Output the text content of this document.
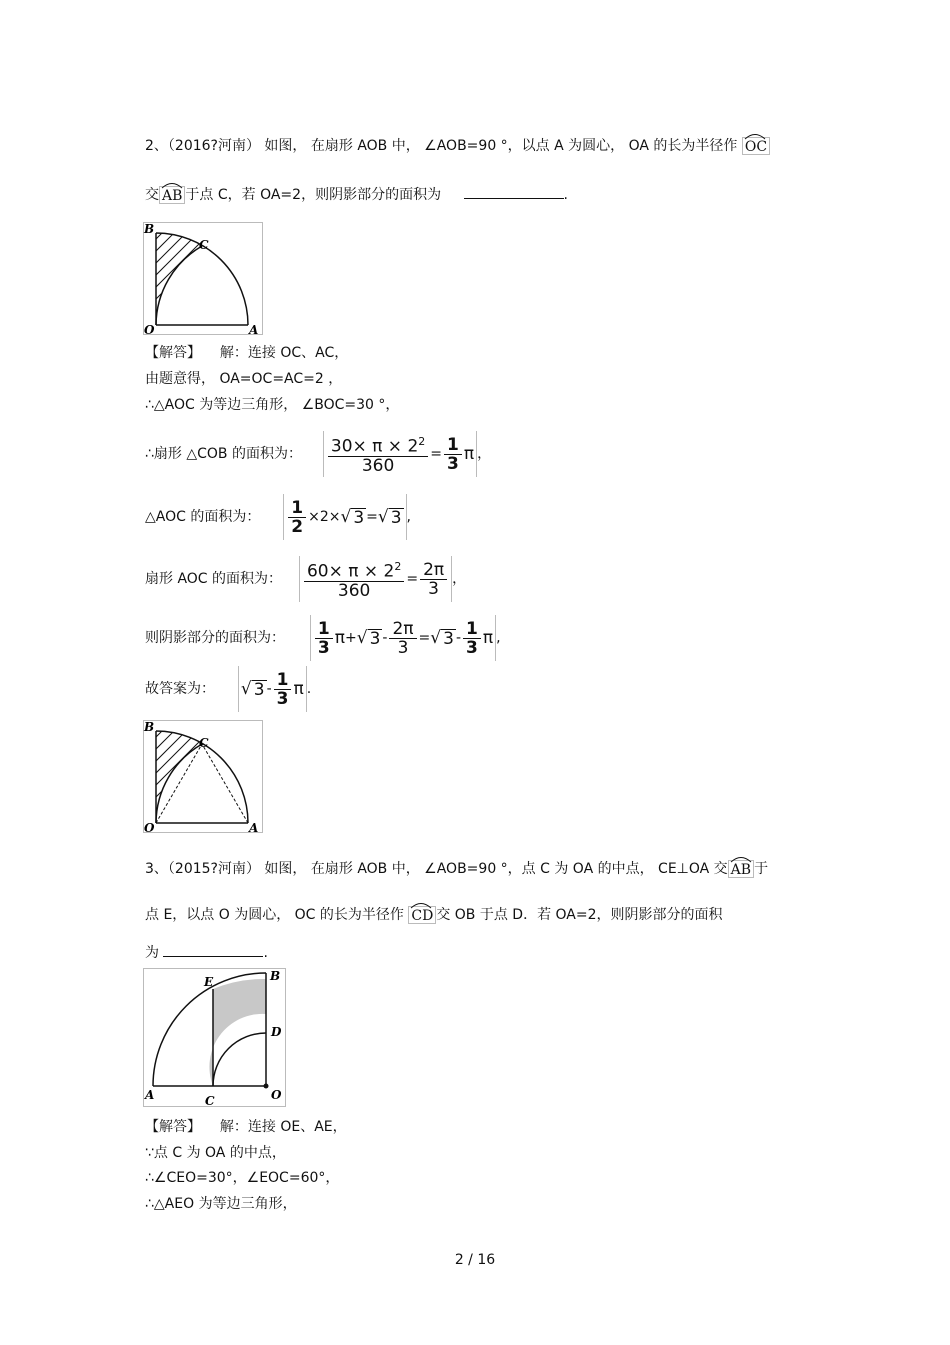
2、（2016?河南） 如图， 在扇形 AOB 中， ∠AOB=90 °，以点 A 为圆心， OA 的长为半径作 OC
交 AB 于点 C，若 OA=2，则阴影部分的面积为	.
B
C
O	A
【解答】 解：连接 OC、AC，
由题意得， OA=OC=AC=2 ，
∴△AOC 为等边三角形， ∠BOC=30 °，
∴扇形 △COB 的面积为： $\frac{30\times \pi \times 2^2}{360} = \frac{1}{3}$ π ，
△AOC 的面积为： $\frac{1}{2} \times 2\times$ √ 3 = √ 3 ,
扇形 AOC 的面积为： $\frac{60\times \pi \times 2^2}{360} = \frac{2\pi}{3}$ ，
则阴影部分的面积为： $\frac{1}{3}$ π + √ $3 - \frac{2\pi}{3}$ = √ $3 - \frac{1}{3}$ π ,
故答案为： √ $3 - \frac{1}{3}$ π .
B
C
O	A
3、（2015?河南） 如图， 在扇形 AOB 中， ∠AOB=90 °，点 C 为 OA 的中点， CE⊥OA 交 AB 于
点 E，以点 O 为圆心， OC 的长为半径作 CD 交 OB 于点 D．若 OA=2，则阴影部分的面积
为	.
E	B
D
A	C	O
【解答】 解：连接 OE、AE，
∵点 C 为 OA 的中点，
∴∠CEO=30°，∠EOC=60°，
∴△AEO 为等边三角形，
2 / 16
